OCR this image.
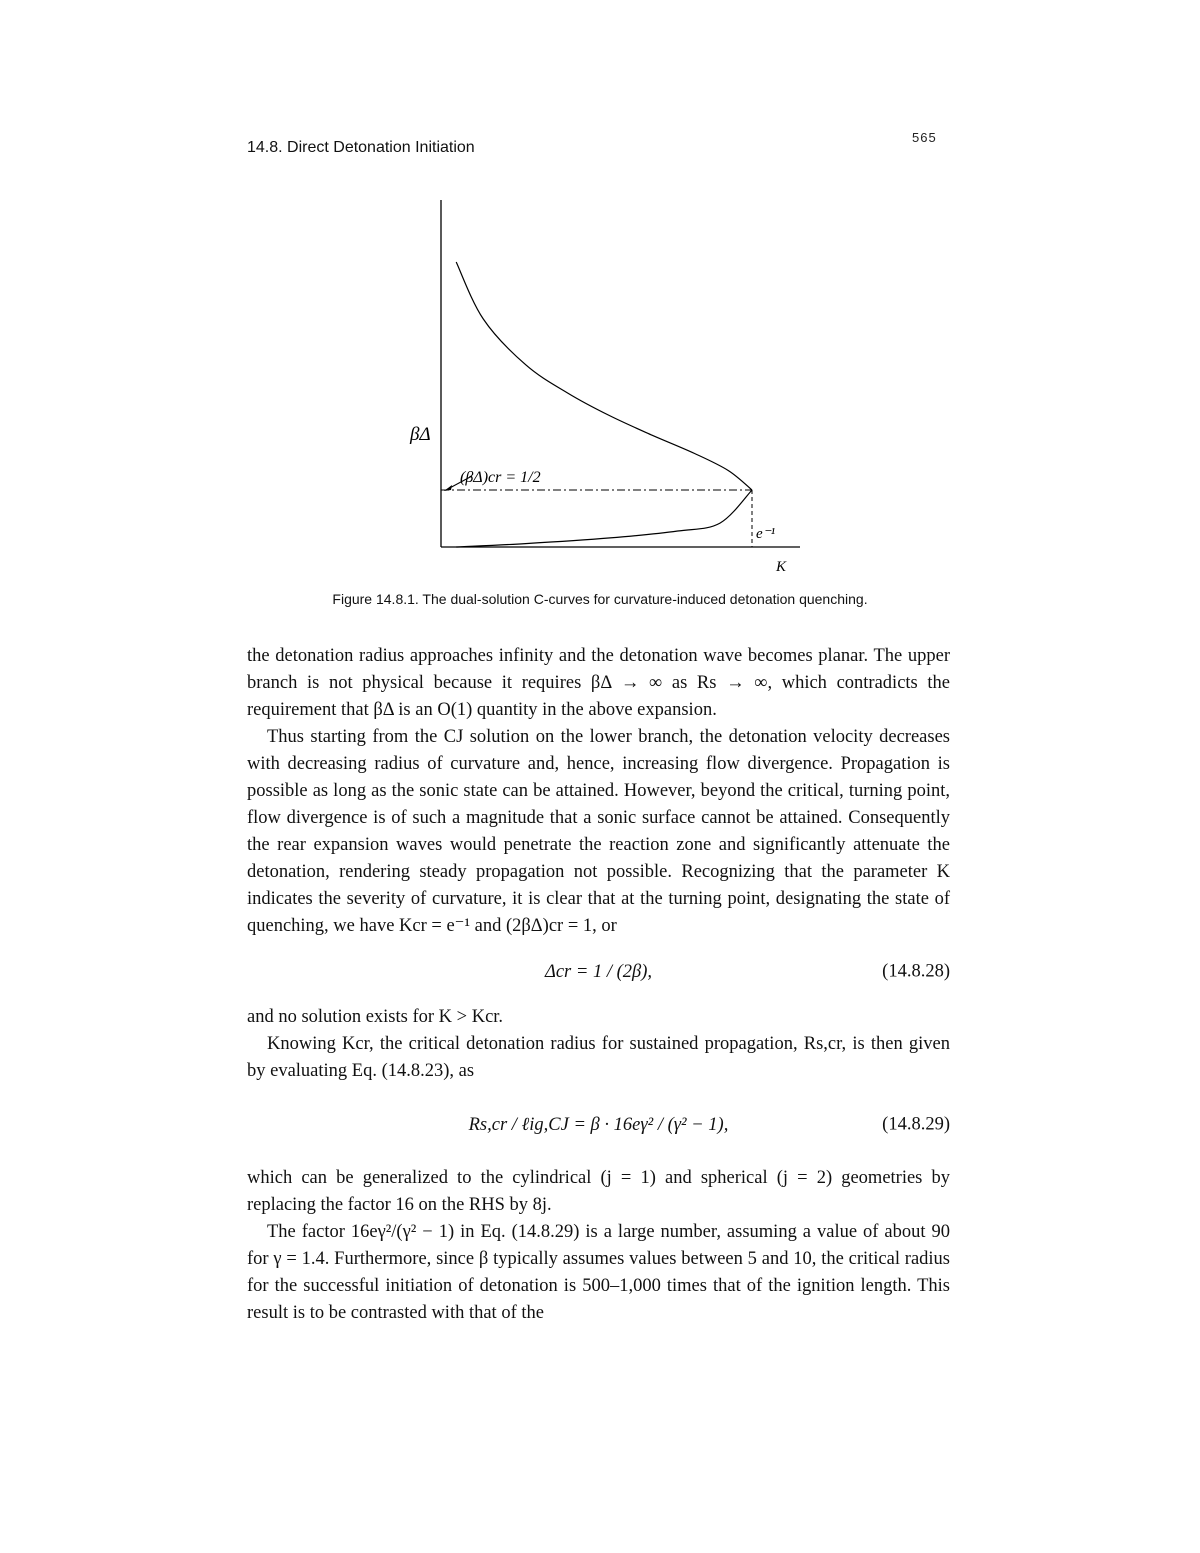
14.8. Direct Detonation Initiation
565
βΔ
(βΔ)cr = 1/2
e⁻¹
K
Figure 14.8.1. The dual-solution C-curves for curvature-induced detonation quenching.

the detonation radius approaches infinity and the detonation wave becomes planar. The upper branch is not physical because it requires βΔ → ∞ as Rs → ∞, which contradicts the requirement that βΔ is an O(1) quantity in the above expansion.

Thus starting from the CJ solution on the lower branch, the detonation velocity decreases with decreasing radius of curvature and, hence, increasing flow divergence. Propagation is possible as long as the sonic state can be attained. However, beyond the critical, turning point, flow divergence is of such a magnitude that a sonic surface cannot be attained. Consequently the rear expansion waves would penetrate the reaction zone and significantly attenuate the detonation, rendering steady propagation not possible. Recognizing that the parameter K indicates the severity of curvature, it is clear that at the turning point, designating the state of quenching, we have Kcr = e⁻¹ and (2βΔ)cr = 1, or

Δcr = 1 / (2β),	(14.8.28)

and no solution exists for K > Kcr.

Knowing Kcr, the critical detonation radius for sustained propagation, Rs,cr, is then given by evaluating Eq. (14.8.23), as

Rs,cr / ℓig,CJ = β · 16eγ² / (γ² − 1),	(14.8.29)

which can be generalized to the cylindrical (j = 1) and spherical (j = 2) geometries by replacing the factor 16 on the RHS by 8j.

The factor 16eγ²/(γ² − 1) in Eq. (14.8.29) is a large number, assuming a value of about 90 for γ = 1.4. Furthermore, since β typically assumes values between 5 and 10, the critical radius for the successful initiation of detonation is 500–1,000 times that of the ignition length. This result is to be contrasted with that of the
